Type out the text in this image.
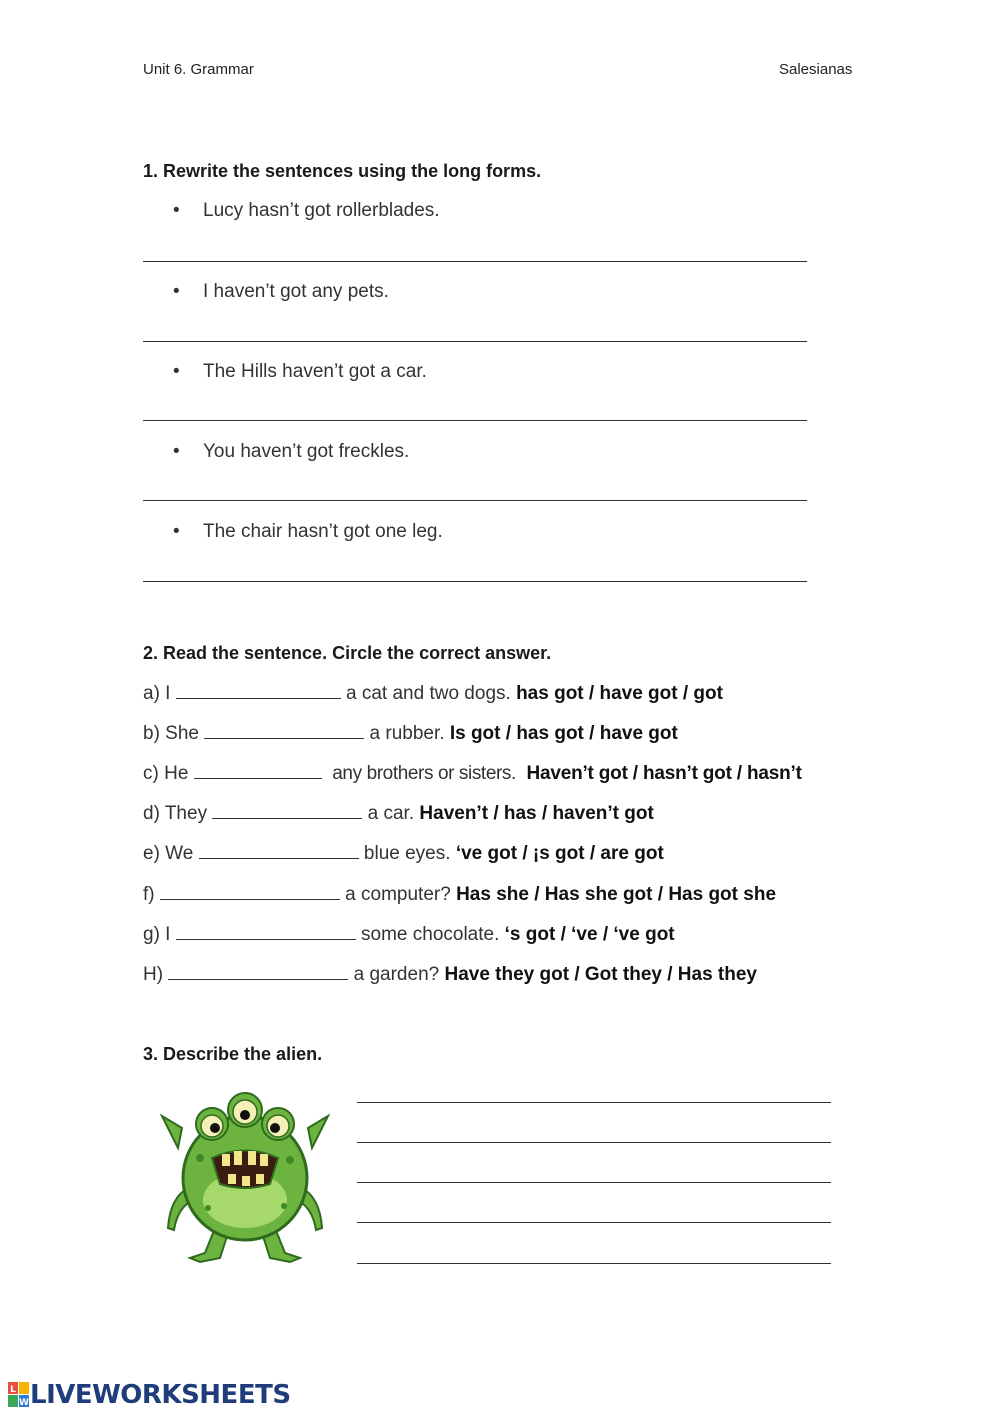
Unit 6. Grammar	Salesianas
1. Rewrite the sentences using the long forms.
• Lucy hasn’t got rollerblades.
• I haven’t got any pets.
• The Hills haven’t got a car.
• You haven’t got freckles.
• The chair hasn’t got one leg.
2. Read the sentence. Circle the correct answer.
a) I	a cat and two dogs. has got / have got / got
b) She	a rubber. Is got / has got / have got
c) He	any brothers or sisters. Haven’t got / hasn’t got / hasn’t
d) They	a car. Haven’t / has / haven’t got
e) We	blue eyes. ‘ve got / ¡s got / are got
f)	a computer? Has she / Has she got / Has got she
g) I	some chocolate. ‘s got / ‘ve / ‘ve got
H)	a garden? Have they got / Got they / Has they
3. Describe the alien.
L
W LIVEWORKSHEETS
